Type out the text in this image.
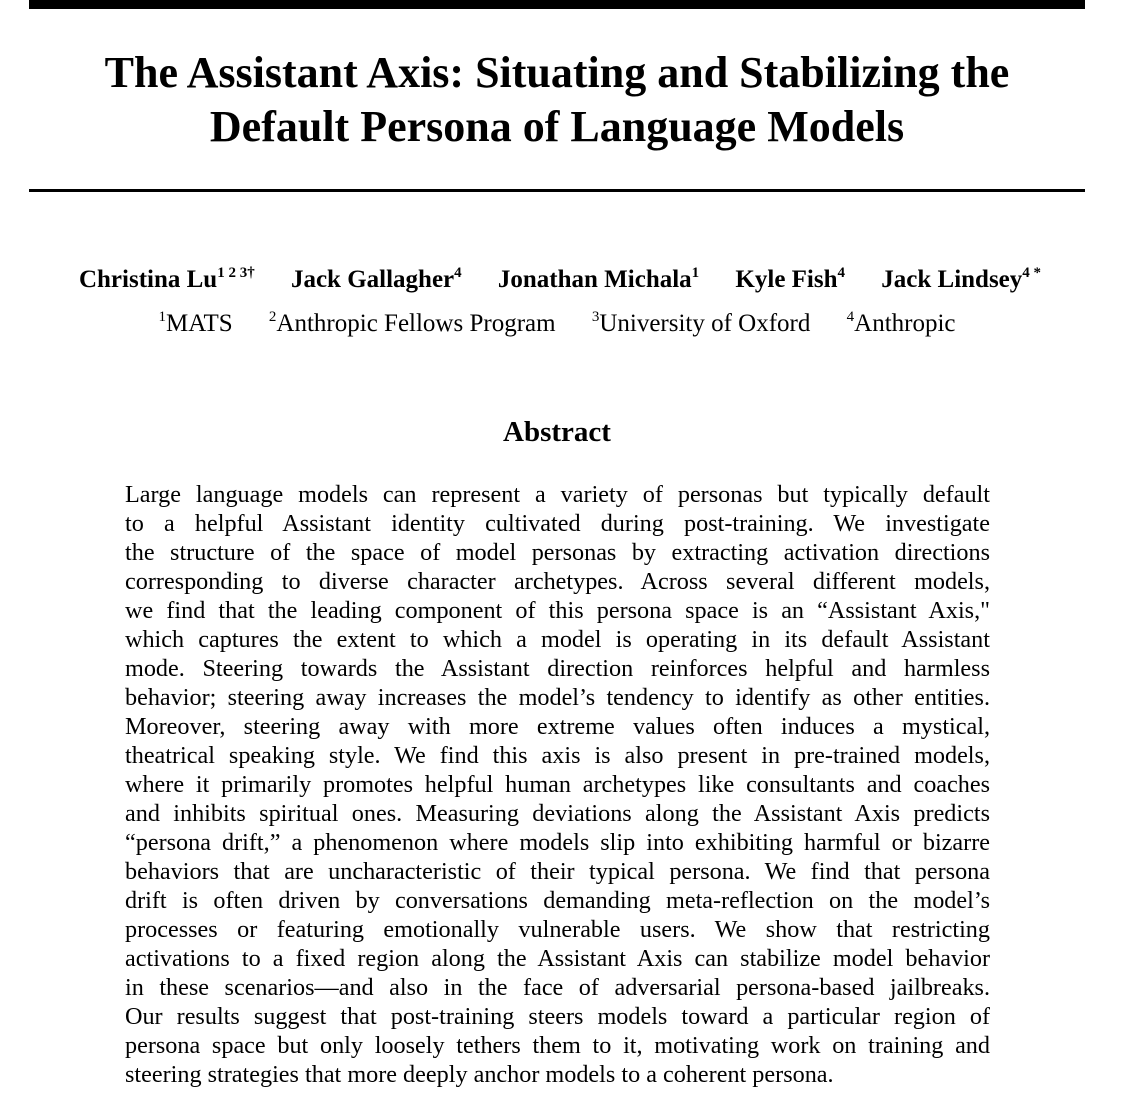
The Assistant Axis: Situating and Stabilizing the
Default Persona of Language Models
Christina $Lu^{1 2 3\dagger}$ Jack Gallagher$^4$ Jonathan Michala$^1$ Kyle Fish$^4$ Jack Lindsey$^{4 *}$
$^1$MATS $^2$Anthropic Fellows Program $^3$University of Oxford $^4$Anthropic
Abstract
Large language models can represent a variety of personas but typically default
to a helpful Assistant identity cultivated during post-training. We investigate
the structure of the space of model personas by extracting activation directions
corresponding to diverse character archetypes. Across several different models,
we find that the leading component of this persona space is an “Assistant Axis,"
which captures the extent to which a model is operating in its default Assistant
mode. Steering towards the Assistant direction reinforces helpful and harmless
behavior; steering away increases the model’s tendency to identify as other entities.
Moreover, steering away with more extreme values often induces a mystical,
theatrical speaking style. We find this axis is also present in pre-trained models,
where it primarily promotes helpful human archetypes like consultants and coaches
and inhibits spiritual ones. Measuring deviations along the Assistant Axis predicts
“persona drift,” a phenomenon where models slip into exhibiting harmful or bizarre
behaviors that are uncharacteristic of their typical persona. We find that persona
drift is often driven by conversations demanding meta-reflection on the model’s
processes or featuring emotionally vulnerable users. We show that restricting
activations to a fixed region along the Assistant Axis can stabilize model behavior
in these scenarios—and also in the face of adversarial persona-based jailbreaks.
Our results suggest that post-training steers models toward a particular region of
persona space but only loosely tethers them to it, motivating work on training and
steering strategies that more deeply anchor models to a coherent persona.
